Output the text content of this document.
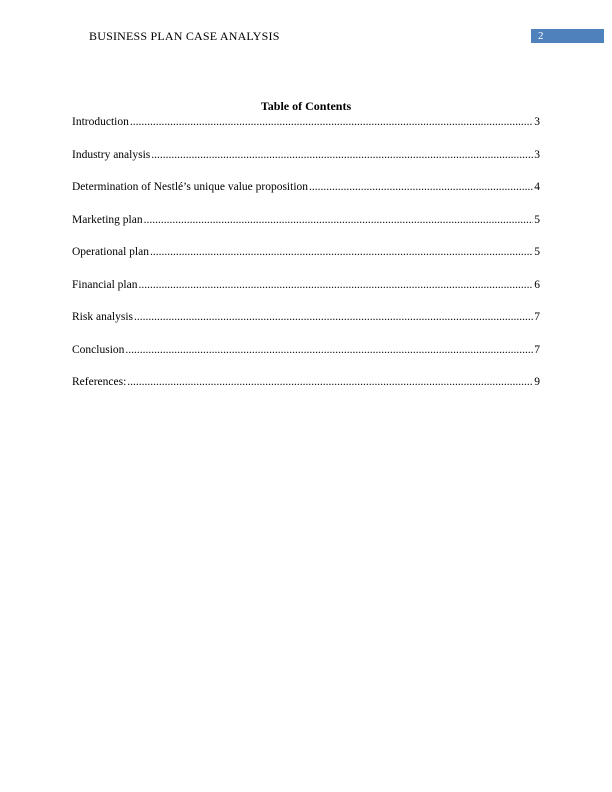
BUSINESS PLAN CASE ANALYSIS	2
Table of Contents
Introduction .....	3
Industry analysis .....	3
Determination of Nestlé’s unique value proposition .....	4
Marketing plan .....	5
Operational plan .....	5
Financial plan .....	6
Risk analysis .....	7
Conclusion .....	7
References: .....	9
